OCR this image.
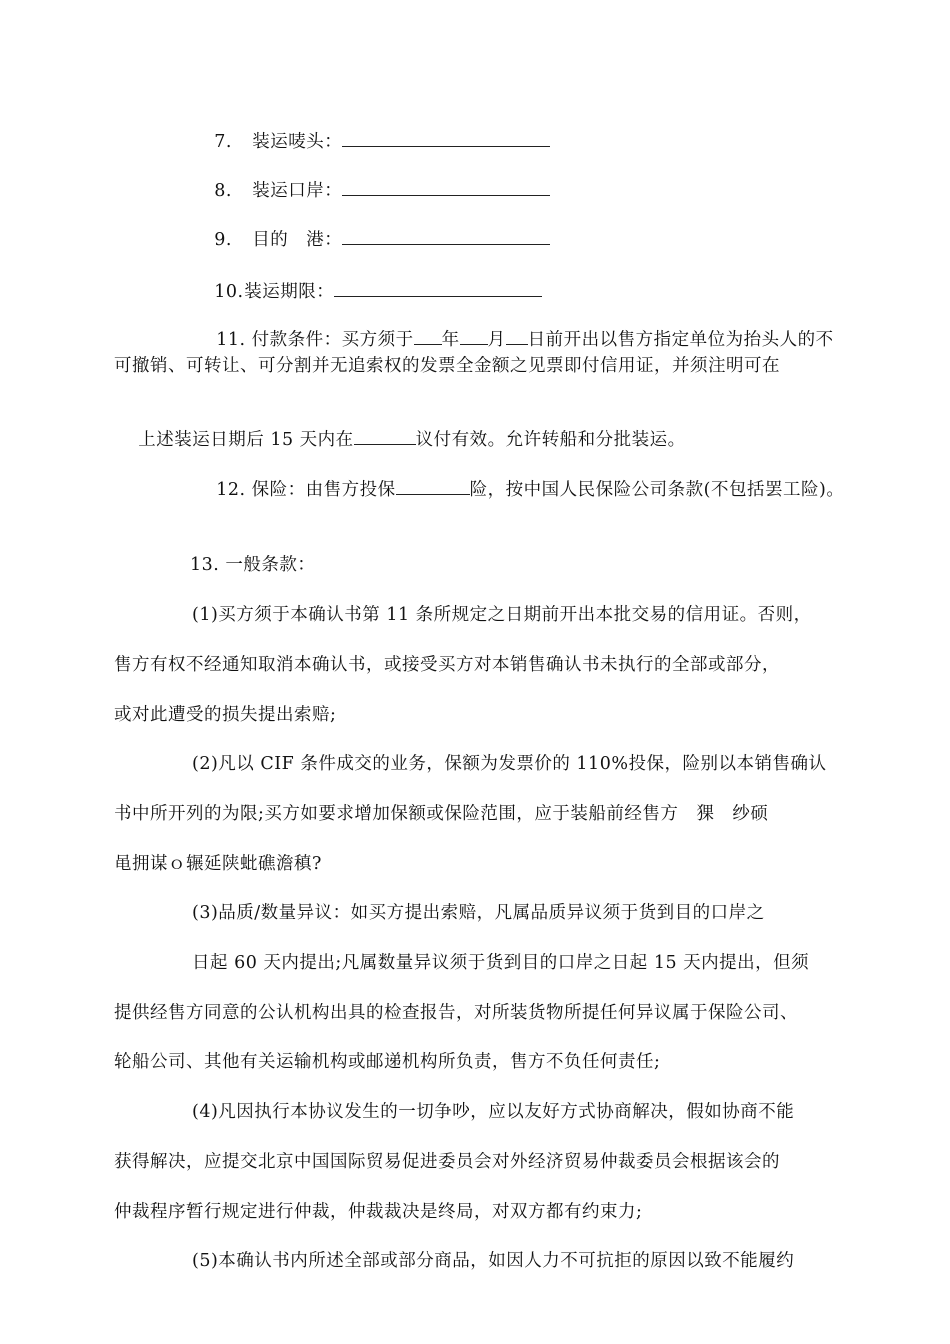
7. 装运唛头：

8. 装运口岸：

9. 目的　港：

10.装运期限：

11. 付款条件：买方须于 年 月 日前开出以售方指定单位为抬头人的不

可撤销、可转让、可分割并无追索权的发票全金额之见票即付信用证，并须注明可在

上述装运日期后 15 天内在	议付有效。允许转船和分批装运。

12. 保险：由售方投保	险，按中国人民保险公司条款(不包括罢工险)。

13. 一般条款：
(1)买方须于本确认书第 11 条所规定之日期前开出本批交易的信用证。否则，
售方有权不经通知取消本确认书，或接受买方对本销售确认书未执行的全部或部分，
或对此遭受的损失提出索赔;
(2)凡以 CIF 条件成交的业务，保额为发票价的 110%投保，险别以本销售确认
书中所开列的为限;买方如要求增加保额或保险范围，应于装船前经售方　猓　纱硕
黾拥谋ｏ辗延陕蚍礁澹稹?
(3)品质/数量异议：如买方提出索赔，凡属品质异议须于货到目的口岸之
日起 60 天内提出;凡属数量异议须于货到目的口岸之日起 15 天内提出，但须
提供经售方同意的公认机构出具的检查报告，对所装货物所提任何异议属于保险公司、
轮船公司、其他有关运输机构或邮递机构所负责，售方不负任何责任;
(4)凡因执行本协议发生的一切争吵，应以友好方式协商解决，假如协商不能
获得解决，应提交北京中国国际贸易促进委员会对外经济贸易仲裁委员会根据该会的
仲裁程序暂行规定进行仲裁，仲裁裁决是终局，对双方都有约束力;
(5)本确认书内所述全部或部分商品，如因人力不可抗拒的原因以致不能履约
